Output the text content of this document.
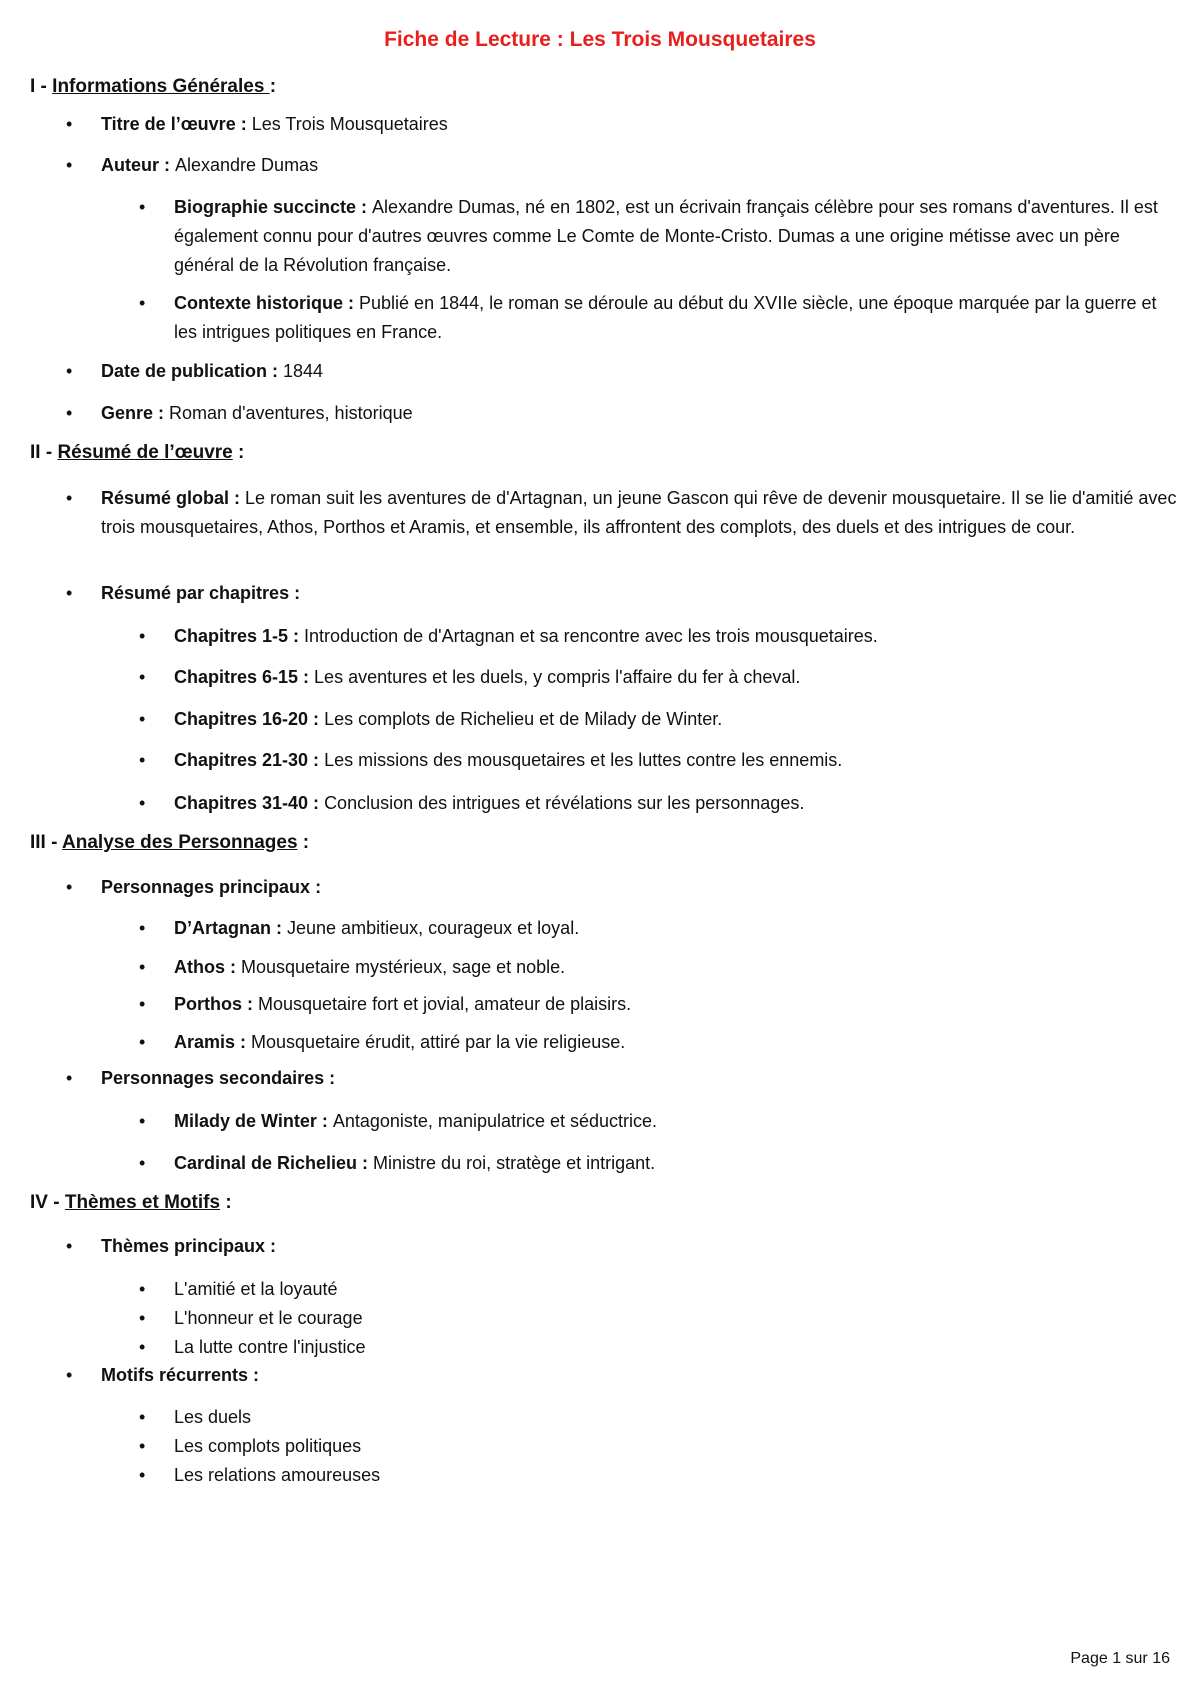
Fiche de Lecture : Les Trois Mousquetaires
I - Informations Générales :
• Titre de l’œuvre : Les Trois Mousquetaires
• Auteur : Alexandre Dumas
• Biographie succincte : Alexandre Dumas, né en 1802, est un écrivain français célèbre pour ses romans d'aventures. Il est également connu pour d'autres œuvres comme Le Comte de Monte-Cristo. Dumas a une origine métisse avec un père général de la Révolution française.
• Contexte historique : Publié en 1844, le roman se déroule au début du XVIIe siècle, une époque marquée par la guerre et les intrigues politiques en France.
• Date de publication : 1844
• Genre : Roman d'aventures, historique
II - Résumé de l’œuvre :
• Résumé global : Le roman suit les aventures de d'Artagnan, un jeune Gascon qui rêve de devenir mousquetaire. Il se lie d'amitié avec trois mousquetaires, Athos, Porthos et Aramis, et ensemble, ils affrontent des complots, des duels et des intrigues de cour.
• Résumé par chapitres :
• Chapitres 1-5 : Introduction de d'Artagnan et sa rencontre avec les trois mousquetaires.
• Chapitres 6-15 : Les aventures et les duels, y compris l'affaire du fer à cheval.
• Chapitres 16-20 : Les complots de Richelieu et de Milady de Winter.
• Chapitres 21-30 : Les missions des mousquetaires et les luttes contre les ennemis.
• Chapitres 31-40 : Conclusion des intrigues et révélations sur les personnages.
III - Analyse des Personnages :
• Personnages principaux :
• D’Artagnan : Jeune ambitieux, courageux et loyal.
• Athos : Mousquetaire mystérieux, sage et noble.
• Porthos : Mousquetaire fort et jovial, amateur de plaisirs.
• Aramis : Mousquetaire érudit, attiré par la vie religieuse.
• Personnages secondaires :
• Milady de Winter : Antagoniste, manipulatrice et séductrice.
• Cardinal de Richelieu : Ministre du roi, stratège et intrigant.
IV - Thèmes et Motifs :
• Thèmes principaux :
• L'amitié et la loyauté
• L'honneur et le courage
• La lutte contre l'injustice
• Motifs récurrents :
• Les duels
• Les complots politiques
• Les relations amoureuses
Page 1 sur 16
